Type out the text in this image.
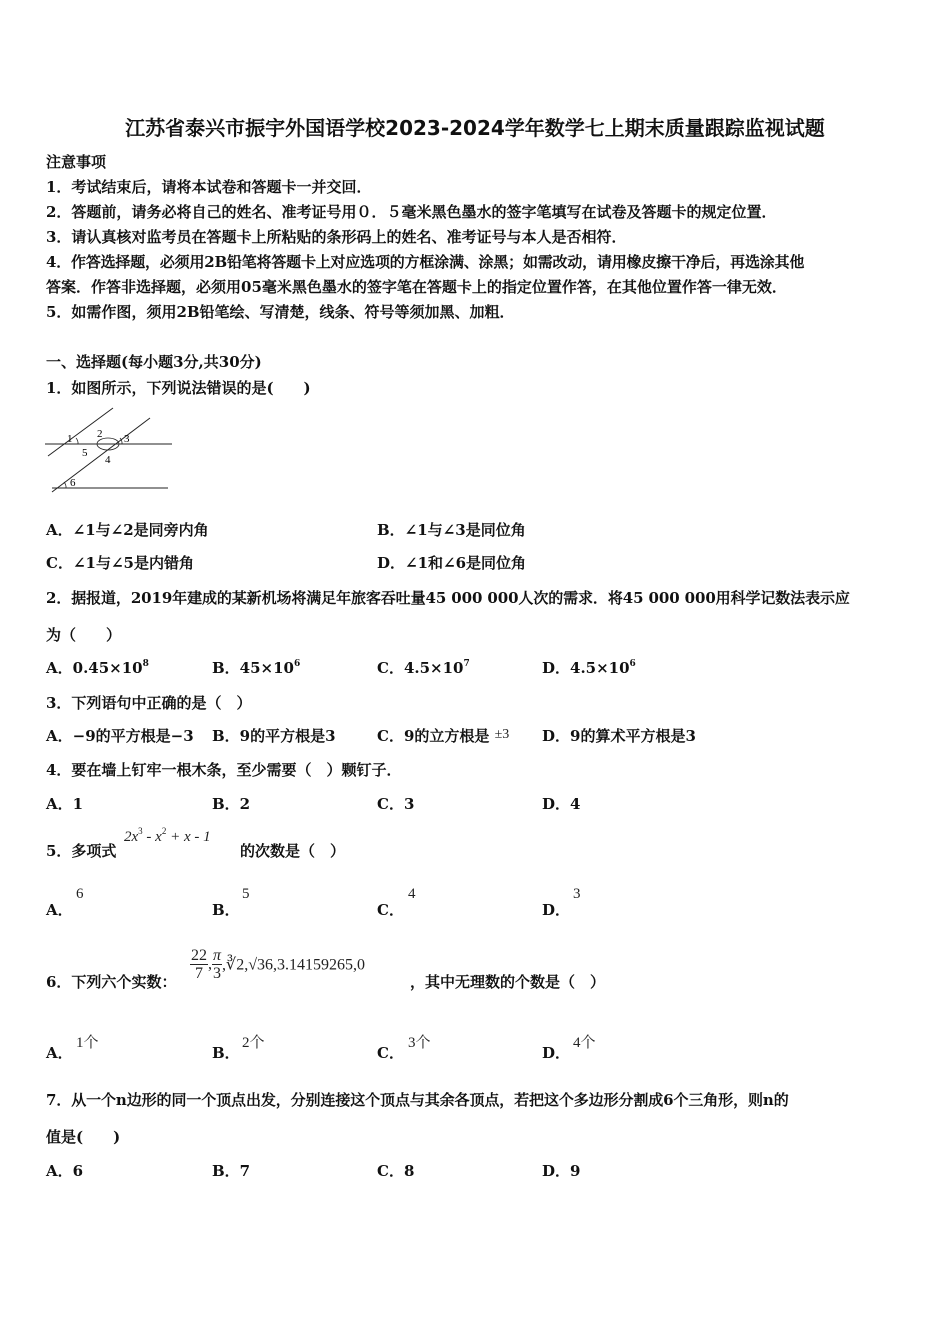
江苏省泰兴市振宇外国语学校2023-2024学年数学七上期末质量跟踪监视试题
注意事项
1．考试结束后，请将本试卷和答题卡一并交回．
2．答题前，请务必将自己的姓名、准考证号用０．５毫米黑色墨水的签字笔填写在试卷及答题卡的规定位置．
3．请认真核对监考员在答题卡上所粘贴的条形码上的姓名、准考证号与本人是否相符．
4．作答选择题，必须用2B铅笔将答题卡上对应选项的方框涂满、涂黑；如需改动，请用橡皮擦干净后，再选涂其他
答案．作答非选择题，必须用05毫米黑色墨水的签字笔在答题卡上的指定位置作答，在其他位置作答一律无效．
5．如需作图，须用2B铅笔绘、写清楚，线条、符号等须加黑、加粗．
一、选择题(每小题3分,共30分)
1．如图所示，下列说法错误的是(　　)
1 2 3
4
5
6
A．∠1与∠2是同旁内角	B．∠1与∠3是同位角
C．∠1与∠5是内错角	D．∠1和∠6是同位角
2．据报道，2019年建成的某新机场将满足年旅客吞吐量45 000 000人次的需求．将45 000 000用科学记数法表示应
为（　　）
A．$0.45\times 10^8$	B．$45\times 10^6$	C．$4.5\times 10^7$	D．$4.5\times 10^6$
3．下列语句中正确的是（　）
A．−9的平方根是−3 B．9的平方根是3	C．9的立方根是 ±3 D．9的算术平方根是3
4．要在墙上钉牢一根木条，至少需要（　）颗钉子．
A．1	B．2	C．3	D．4
5．多项式
$2x^3 - x^2 + x - 1$
的次数是（　）
A．
6
B．
5
C．
4
D．
3
6．下列六个实数： $\frac{22}{7}$ , $\frac{\pi}{3}$ ,∛2,√36,3.14159265,0
，其中无理数的个数是（　）
A．
1个
B．
2个
C．
3个
D．
4个
7．从一个n边形的同一个顶点出发，分别连接这个顶点与其余各顶点，若把这个多边形分割成6个三角形，则n的
值是(　　)
A．6	B．7	C．8	D．9
